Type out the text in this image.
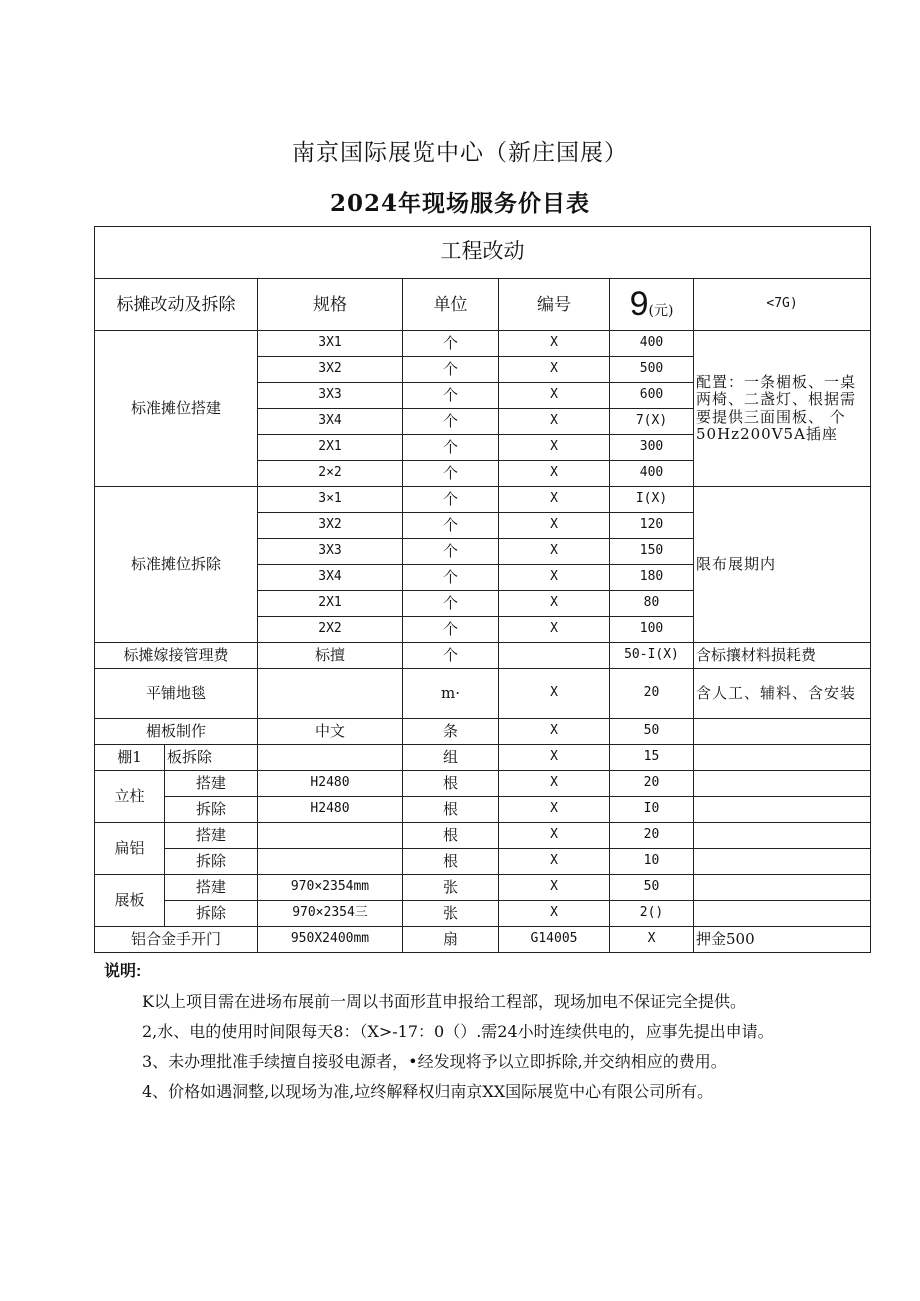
南京国际展览中心（新庄国展）
2024年现场服务价目表
工程改动						
标摊改动及拆除		规格	单位	编号	9(元)	<7G)
标准摊位搭建		3X1	个	X	400	配置：一条楣板、一桌两椅、二盏灯、根据需要提供三面围板、 个 50Hz200V5A插座
		3X2	个	X	500	
		3X3	个	X	600	
		3X4	个	X	7(X)	
		2X1	个	X	300	
		2×2	个	X	400	
标准摊位拆除		3×1	个	X	I(X)	限布展期内
		3X2	个	X	120	
		3X3	个	X	150	
		3X4	个	X	180	
		2X1	个	X	80	
		2X2	个	X	100	
标摊嫁接管理费		标擅	个		50-I(X)	含标攘材料损耗费
平铺地毯			m·	X	20	含人工、辅料、含安装
楣板制作		中文	条	X	50	
棚1	板拆除		组	X	15	
立柱	搭建	H2480	根	X	20	
	拆除	H2480	根	X	I0	
扁铝	搭建		根	X	20	
	拆除		根	X	10	
展板	搭建	970×2354mm	张	X	50	
	拆除	970×2354三	张	X	2()	
铝合金手开门		950X2400mm	扇	G14005	X	押金500
说明:

K以上项目需在进场布展前一周以书面形苴申报给工程部，现场加电不保证完全提供。

2,水、电的使用时间限每天8：（X>-17：0（）.需24小时连续供电的，应事先提出申请。

3、未办理批准手续擅自接驳电源者，•经发现将予以立即拆除,并交纳相应的费用。

4、价格如遇洞整,以现场为准,垃终解释权归南京XX国际展览中心有限公司所有。
